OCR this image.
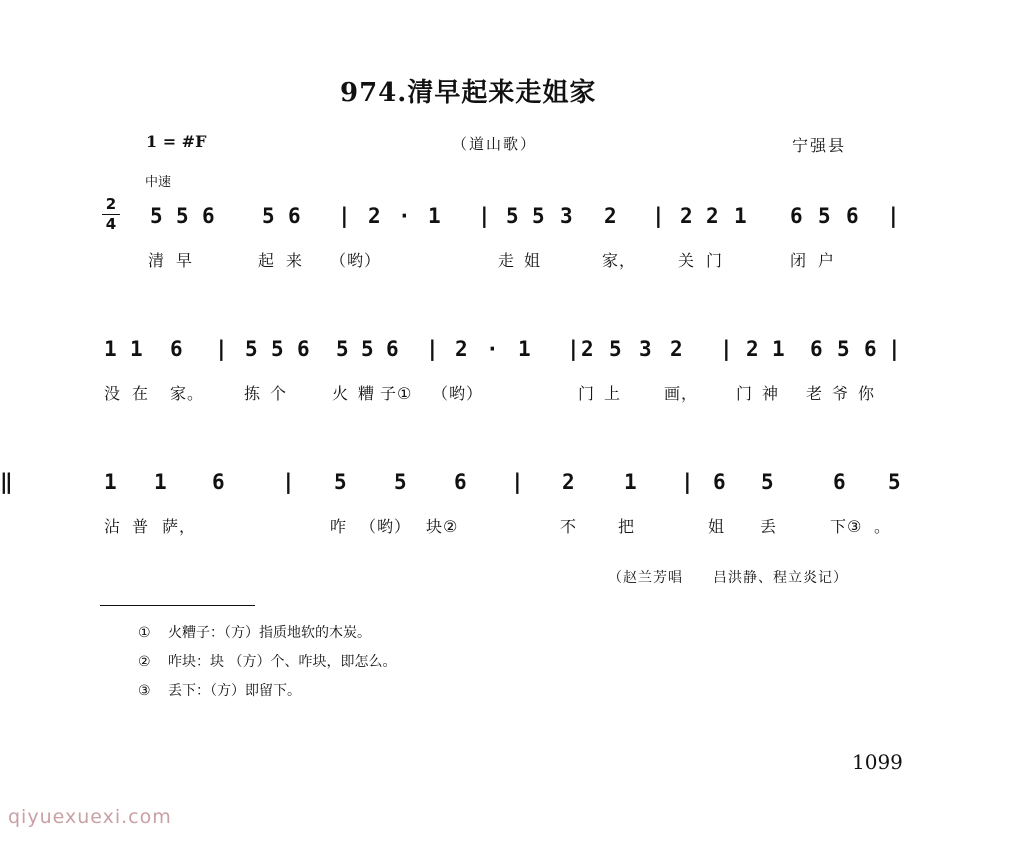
974.清早起来走姐家
1 = #F	（道山歌）	宁强县
中速
2
4 5 5 6 5 6 | 2 · 1 | 5 5 3 2 | 2 2 1 6 5 6 |
清 早	起 来 （哟）	走 姐	家，	关 门	闭 户
1 1 6 | 5 5 6 5 5 6 | 2 · 1 | 2 5 3 2 | 2 1 6 5 6 |
没 在 家。 拣 个	火 糟 子① （哟）	门 上	画， 门 神 老 爷 你
1 1 6	| 5 5 6 | 2 1 | 6 5	6 5
‖
沾 普 萨，	咋 （哟） 块②	不	把	姐 丢	下③ 。
（赵兰芳唱　　吕洪静、程立炎记）
① 火糟子：（方）指质地软的木炭。
② 咋块：块 （方）个、咋块，即怎么。
③ 丢下：（方）即留下。
1099
qiyuexuexi.com
